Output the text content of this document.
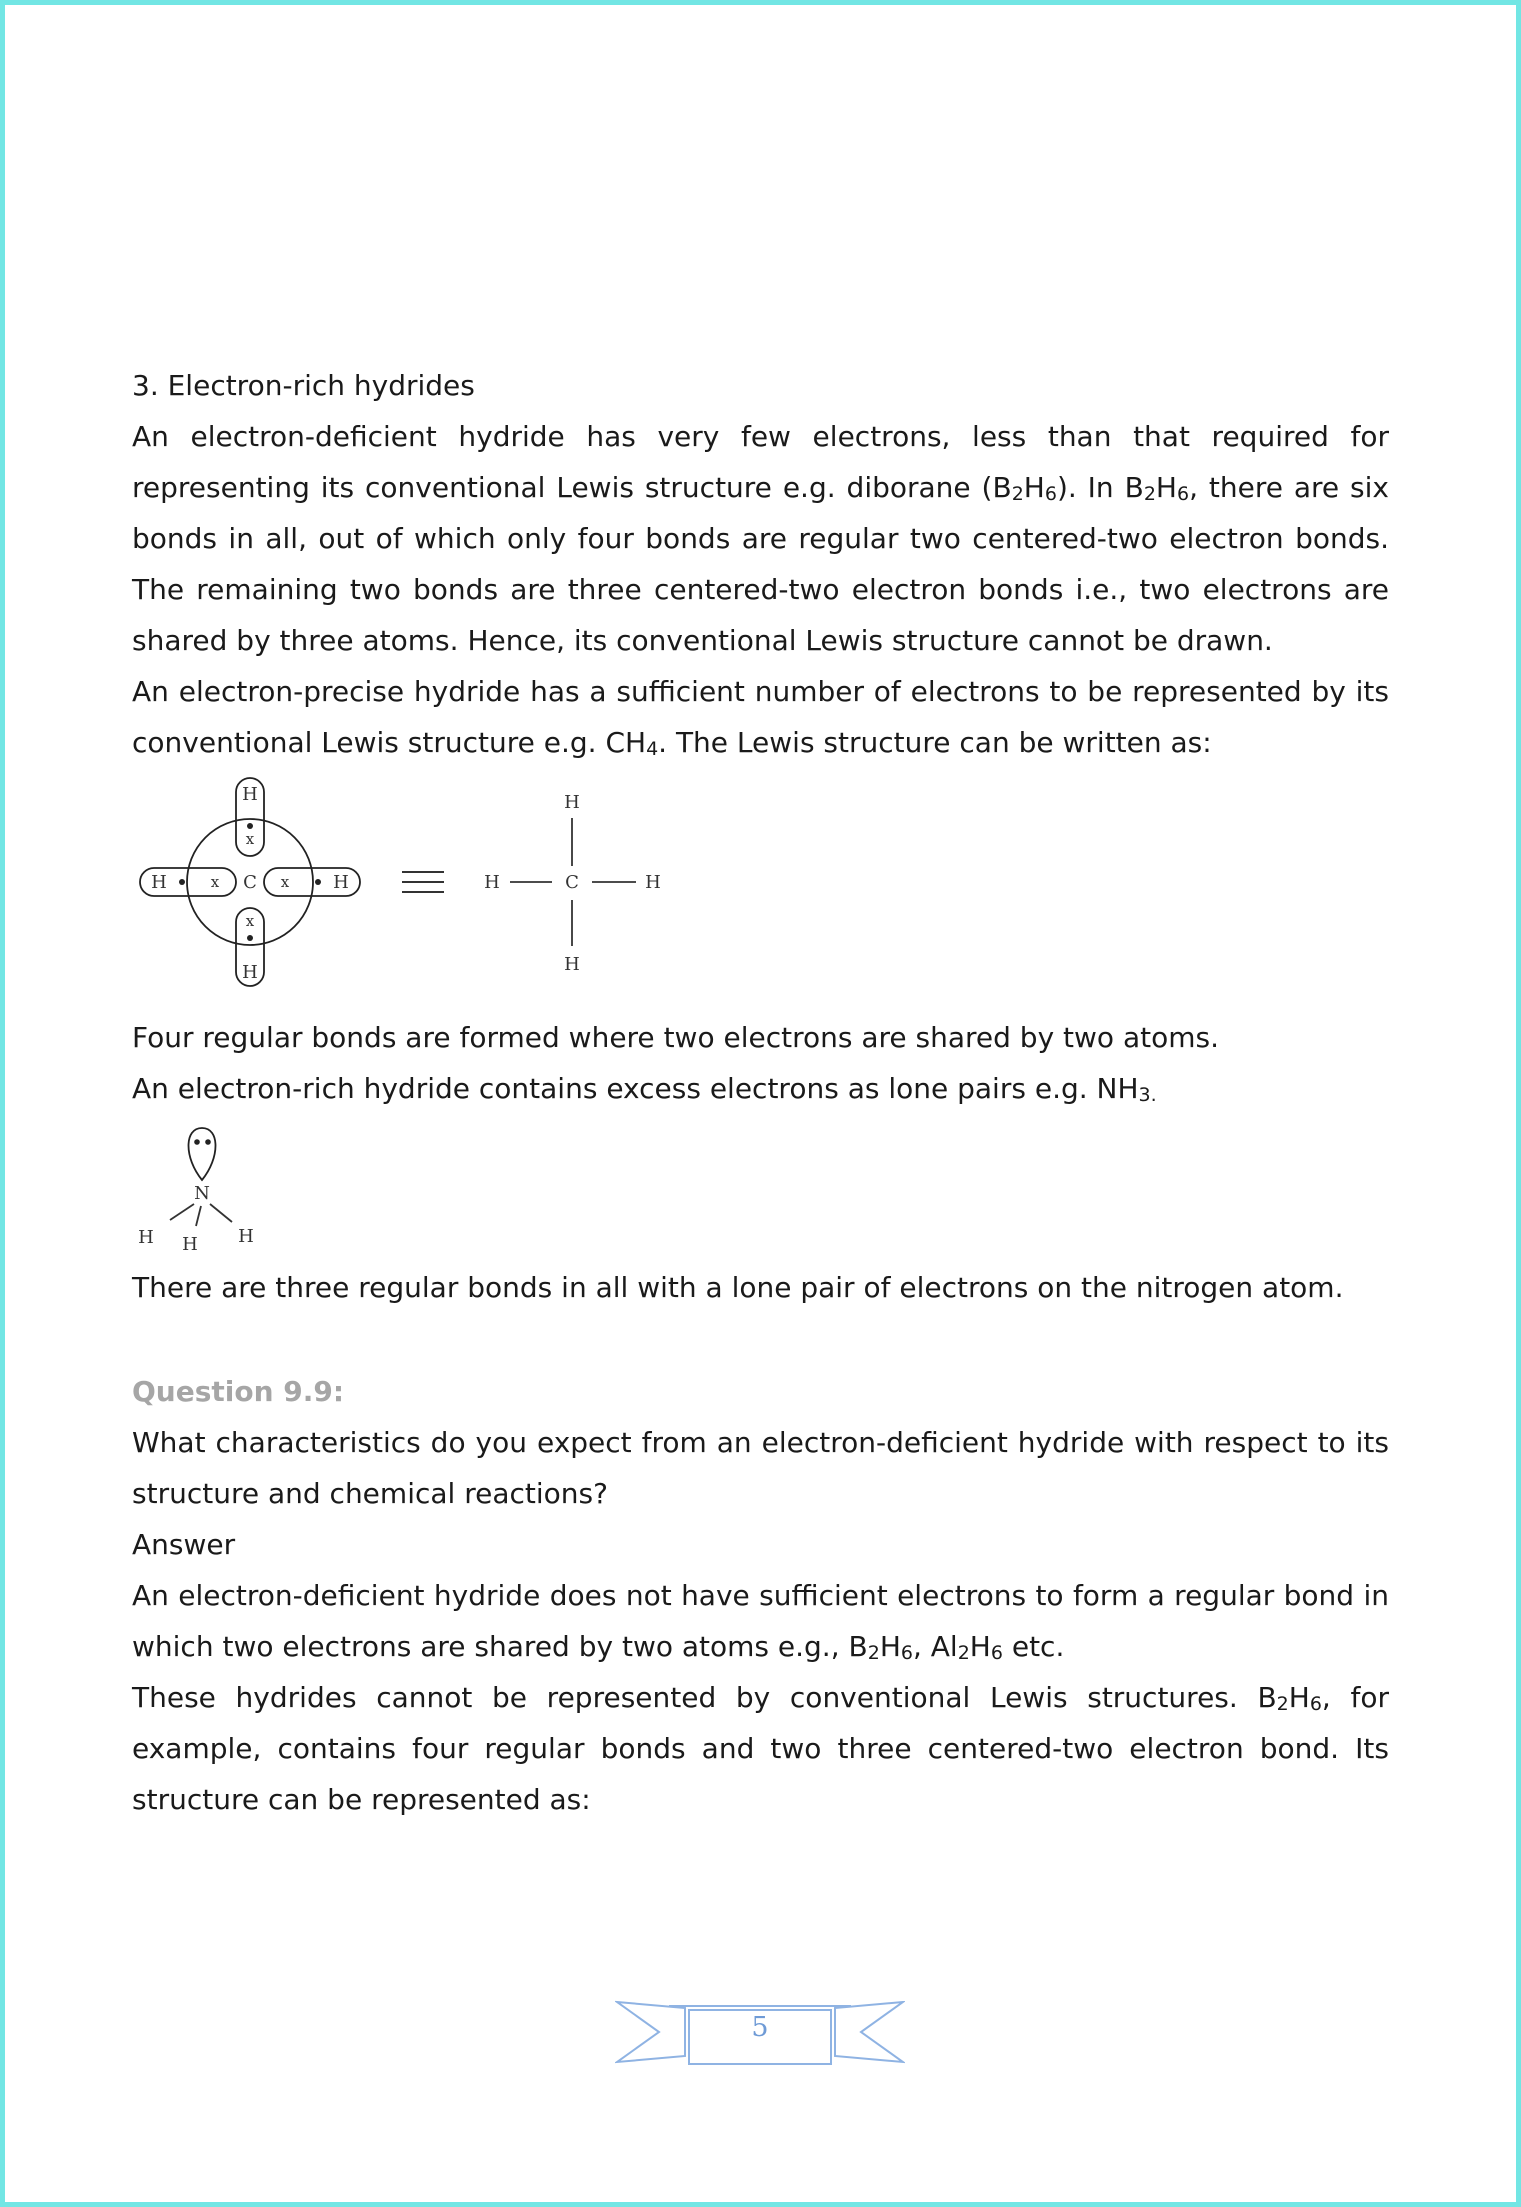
3. Electron-rich hydrides

An electron-deficient hydride has very few electrons, less than that required for representing its conventional Lewis structure e.g. diborane (B2H6). In B2H6, there are six bonds in all, out of which only four bonds are regular two centered-two electron bonds. The remaining two bonds are three centered-two electron bonds i.e., two electrons are shared by three atoms. Hence, its conventional Lewis structure cannot be drawn.

An electron-precise hydride has a sufficient number of electrons to be represented by its conventional Lewis structure e.g. CH4. The Lewis structure can be written as:

H
x
x
H
H	x C x H
H
H	C	H
H

Four regular bonds are formed where two electrons are shared by two atoms.

An electron-rich hydride contains excess electrons as lone pairs e.g. NH3.

N
H H H

There are three regular bonds in all with a lone pair of electrons on the nitrogen atom.

Question 9.9:

What characteristics do you expect from an electron-deficient hydride with respect to its structure and chemical reactions?

Answer

An electron-deficient hydride does not have sufficient electrons to form a regular bond in which two electrons are shared by two atoms e.g., B2H6, Al2H6 etc.

These hydrides cannot be represented by conventional Lewis structures. B2H6, for example, contains four regular bonds and two three centered-two electron bond. Its structure can be represented as:

5
